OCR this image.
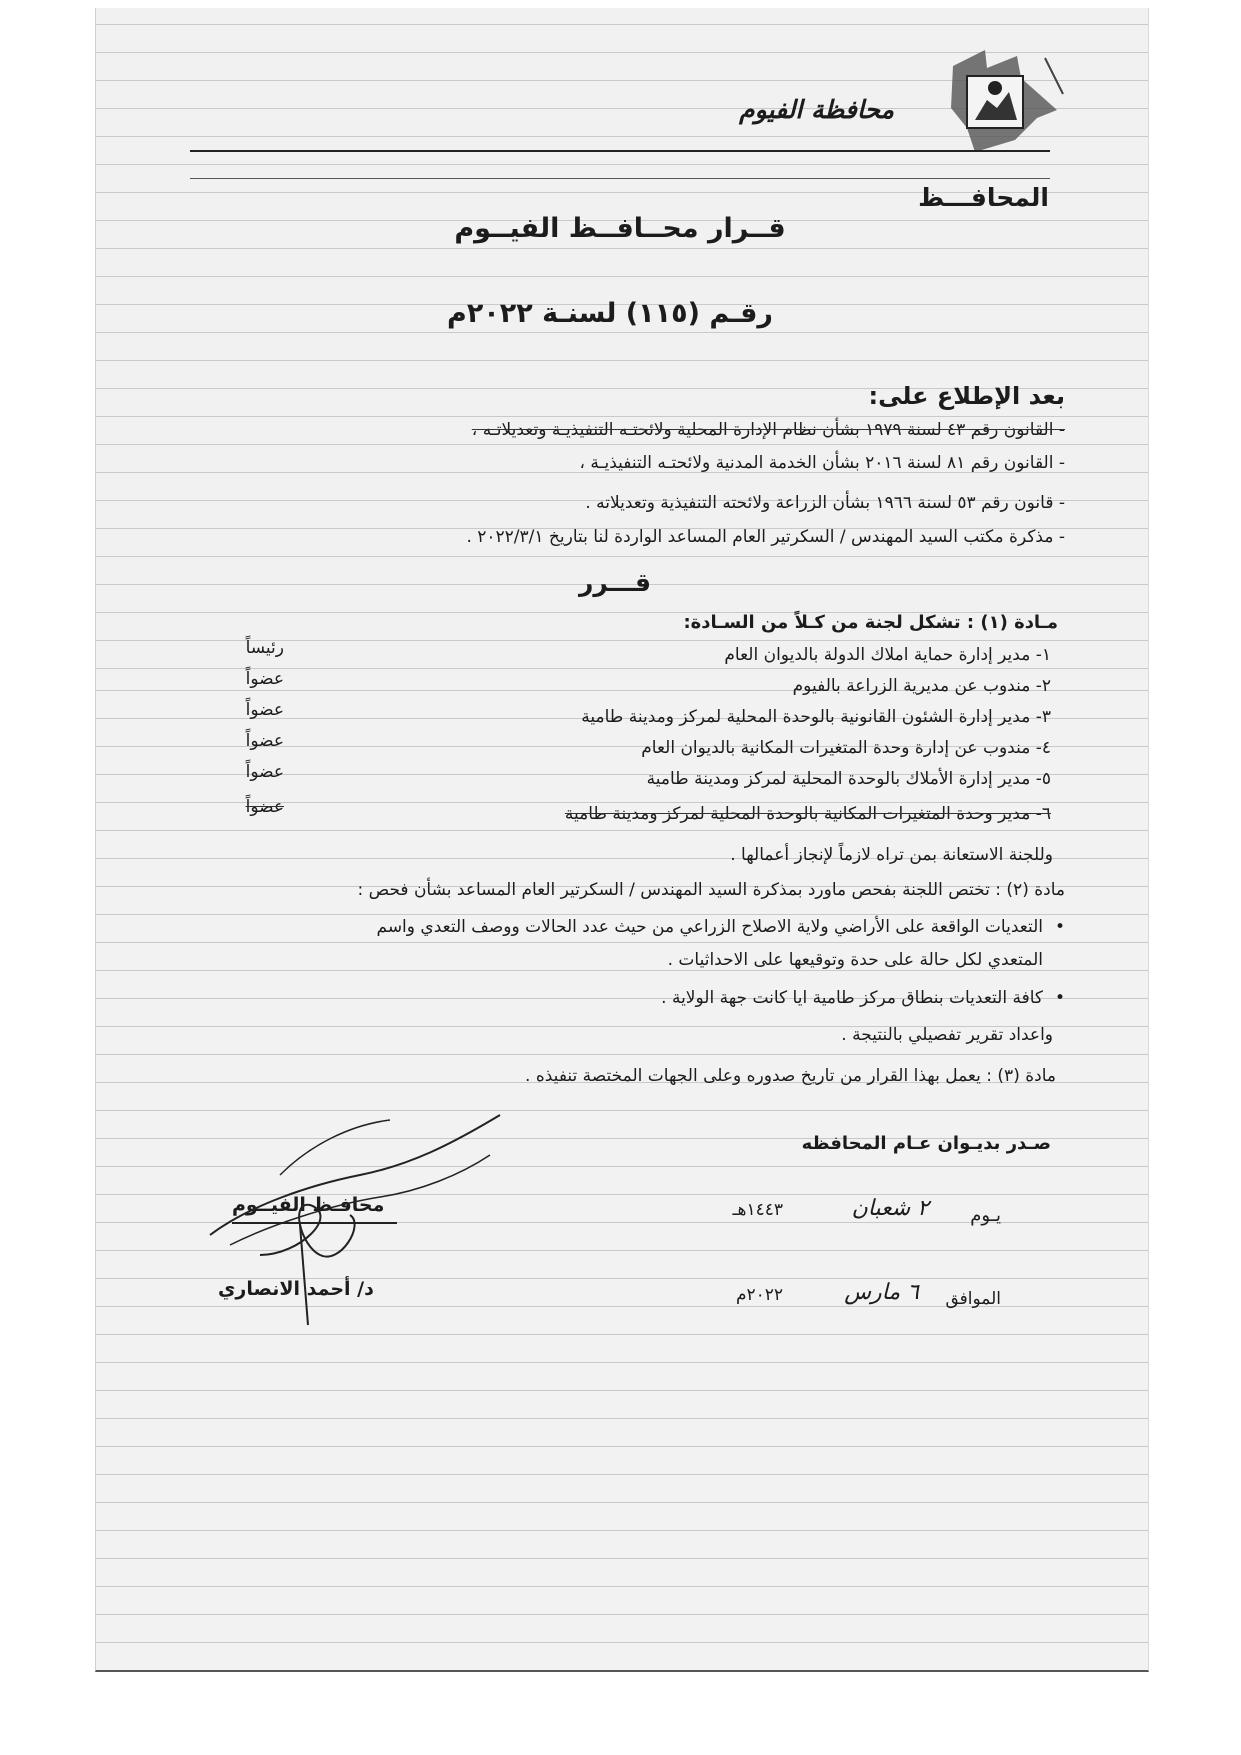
محافظة الفيوم
المحافـــظ
قــرار محــافــظ الفيــوم
رقـم (١١٥) لسنـة ٢٠٢٢م
بعد الإطلاع على:
- القانون رقم ٤٣ لسنة ١٩٧٩ بشأن نظام الإدارة المحلية ولائحتـه التنفيذيـة وتعديلاتـه ،
- القانون رقم ٨١ لسنة ٢٠١٦ بشأن الخدمة المدنية ولائحتـه التنفيذيـة ،
- قانون رقم ٥٣ لسنة ١٩٦٦ بشأن الزراعة ولائحته التنفيذية وتعديلاته .
- مذكرة مكتب السيد المهندس / السكرتير العام المساعد الواردة لنا بتاريخ ٢٠٢٢/٣/١ .
قـــرر
مـادة (١) : تشكل لجنة من كـلاً من السـادة:
١- مدير إدارة حماية املاك الدولة بالديوان العام
رئيساً
٢- مندوب عن مديرية الزراعة بالفيوم
عضواً
٣- مدير إدارة الشئون القانونية بالوحدة المحلية لمركز ومدينة طامية
عضواً
٤- مندوب عن إدارة وحدة المتغيرات المكانية بالديوان العام
عضواً
٥- مدير إدارة الأملاك بالوحدة المحلية لمركز ومدينة طامية
عضواً
٦- مدير وحدة المتغيرات المكانية بالوحدة المحلية لمركز ومدينة طامية
عضواً
وللجنة الاستعانة بمن تراه لازماً لإنجاز أعمالها .
مادة (٢) : تختص اللجنة بفحص ماورد بمذكرة السيد المهندس / السكرتير العام المساعد بشأن فحص :
•
التعديات الواقعة على الأراضي ولاية الاصلاح الزراعي من حيث عدد الحالات ووصف التعدي واسم
المتعدي لكل حالة على حدة وتوقيعها على الاحداثيات .
•
كافة التعديات بنطاق مركز طامية ايا كانت جهة الولاية .
واعداد تقرير تفصيلي بالنتيجة .
مادة (٣) : يعمل بهذا القرار من تاريخ صدوره وعلى الجهات المختصة تنفيذه .
صـدر بديـوان عـام المحافظه
محافـظ الفيــوم
د/ أحمد الانصاري
يـوم
٢ شعبان
١٤٤٣هـ
الموافق
٦ مارس
٢٠٢٢م
